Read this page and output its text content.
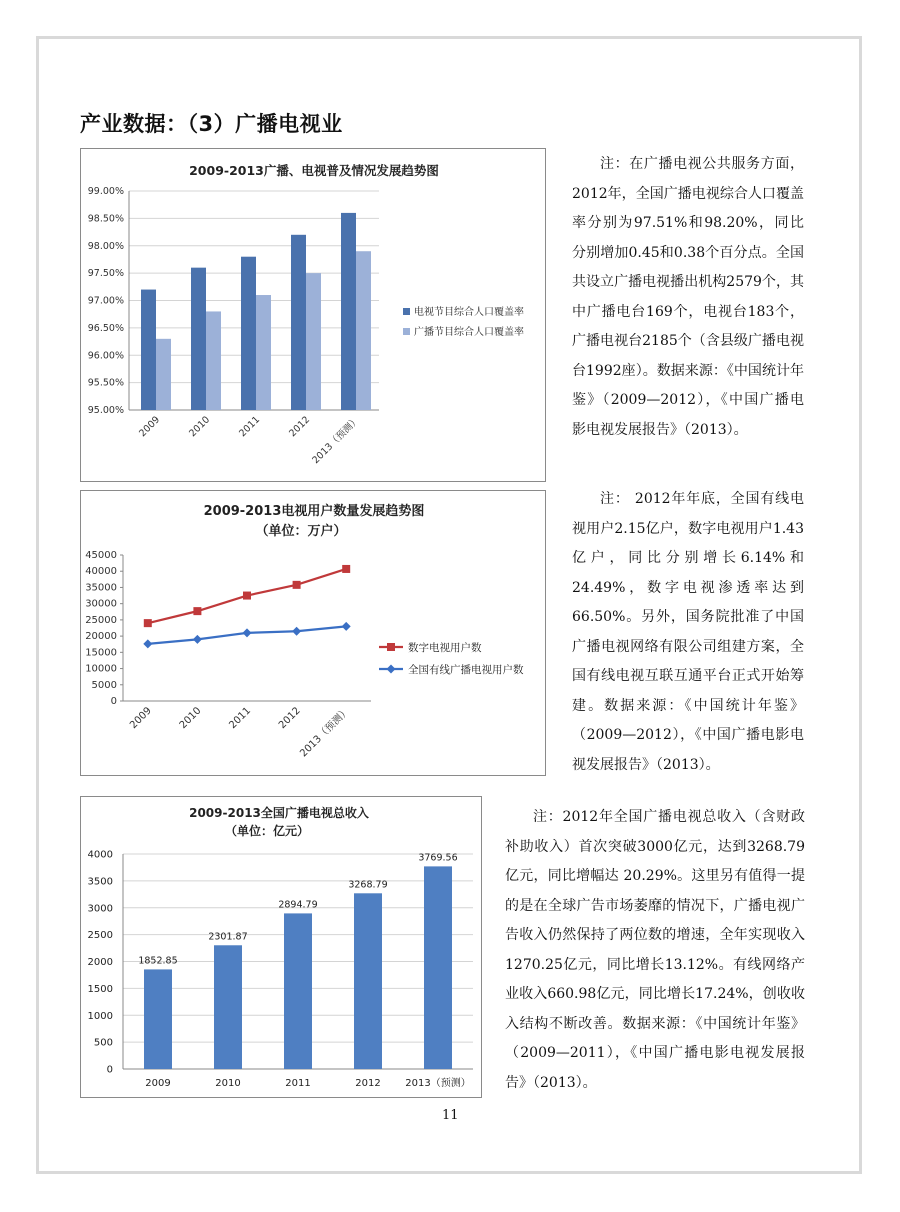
产业数据：（3）广播电视业
2009-2013广播、电视普及情况发展趋势图
95.00%
95.50%
96.00%
96.50%
97.00%
97.50%
98.00%
98.50%
99.00%
2009	2010	2011	2012
2013（预测）
电视节目综合人口覆盖率
广播节目综合人口覆盖率

注：在广播电视公共服务方面，2012年，全国广播电视综合人口覆盖率分别为97.51%和98.20%，同比分别增加0.45和0.38个百分点。全国共设立广播电视播出机构2579个，其中广播电台169个，电视台183个，广播电视台2185个（含县级广播电视台1992座）。数据来源：《中国统计年鉴》（2009—2012），《中国广播电影电视发展报告》（2013）。

2009-2013电视用户数量发展趋势图
（单位：万户）
0
5000
10000
15000
20000
25000
30000
35000
40000
45000
2009 2010 2011 2012
2013（预测）
数字电视用户数
全国有线广播电视用户数

注： 2012年年底，全国有线电视用户2.15亿户，数字电视用户1.43亿户，同比分别增长6.14%和24.49%，数字电视渗透率达到66.50%。另外，国务院批准了中国广播电视网络有限公司组建方案，全国有线电视互联互通平台正式开始筹建。数据来源：《中国统计年鉴》（2009—2012），《中国广播电影电视发展报告》（2013）。

2009-2013全国广播电视总收入
（单位：亿元）
0
500
1000
1500
2000
2500
3000
3500
4000
1852.85
2009
2301.87
2010
2894.79
2011
3268.79
2012
3769.56
2013（预测）

注：2012年全国广播电视总收入（含财政补助收入）首次突破3000亿元，达到3268.79亿元，同比增幅达 20.29%。这里另有值得一提的是在全球广告市场萎靡的情况下，广播电视广告收入仍然保持了两位数的增速，全年实现收入1270.25亿元，同比增长13.12%。有线网络产业收入660.98亿元，同比增长17.24%，创收收入结构不断改善。数据来源：《中国统计年鉴》（2009—2011），《中国广播电影电视发展报告》（2013）。

11
